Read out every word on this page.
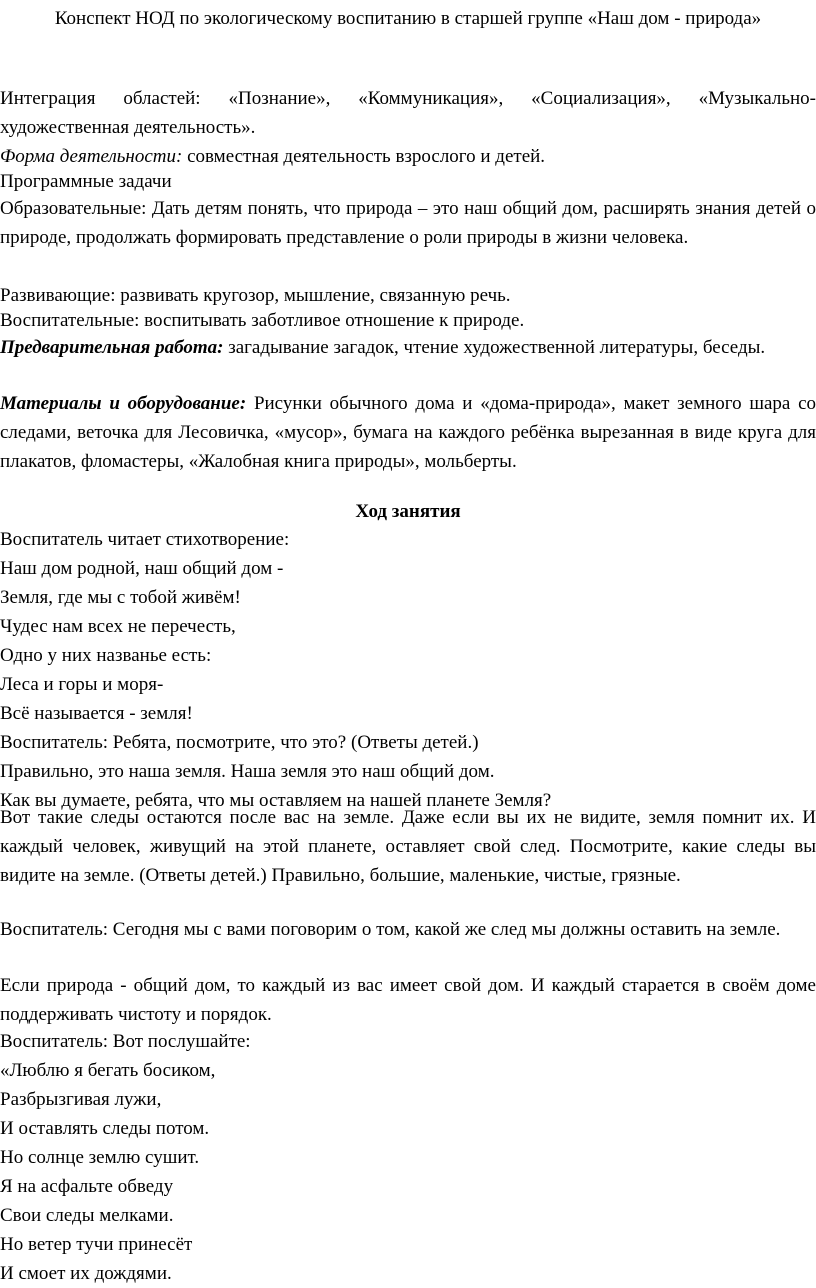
Конспект НОД по экологическому воспитанию в старшей группе «Наш дом - природа»
Интеграция областей: «Познание», «Коммуникация», «Социализация», «Музыкально-художественная деятельность».
Форма деятельности: совместная деятельность взрослого и детей.
Программные задачи
Образовательные: Дать детям понять, что природа – это наш общий дом, расширять знания детей о природе, продолжать формировать представление о роли природы в жизни человека.
Развивающие: развивать кругозор, мышление, связанную речь.
Воспитательные: воспитывать заботливое отношение к природе.
Предварительная работа: загадывание загадок, чтение художественной литературы, беседы.
Материалы и оборудование: Рисунки обычного дома и «дома-природа», макет земного шара со следами, веточка для Лесовичка, «мусор», бумага на каждого ребёнка вырезанная в виде круга для плакатов, фломастеры, «Жалобная книга природы», мольберты.
Ход занятия
Воспитатель читает стихотворение:
Наш дом родной, наш общий дом -
Земля, где мы с тобой живём!
Чудес нам всех не перечесть,
Одно у них названье есть:
Леса и горы и моря-
Всё называется - земля!
Воспитатель: Ребята, посмотрите, что это? (Ответы детей.)
Правильно, это наша земля. Наша земля это наш общий дом.
Как вы думаете, ребята, что мы оставляем на нашей планете Земля?
Вот такие следы остаются после вас на земле. Даже если вы их не видите, земля помнит их. И каждый человек, живущий на этой планете, оставляет свой след. Посмотрите, какие следы вы видите на земле. (Ответы детей.) Правильно, большие, маленькие, чистые, грязные.
Воспитатель: Сегодня мы с вами поговорим о том, какой же след мы должны оставить на земле.
Если природа - общий дом, то каждый из вас имеет свой дом. И каждый старается в своём доме поддерживать чистоту и порядок.
Воспитатель: Вот послушайте:
«Люблю я бегать босиком,
Разбрызгивая лужи,
И оставлять следы потом.
Но солнце землю сушит.
Я на асфальте обведу
Свои следы мелками.
Но ветер тучи принесёт
И смоет их дождями.
